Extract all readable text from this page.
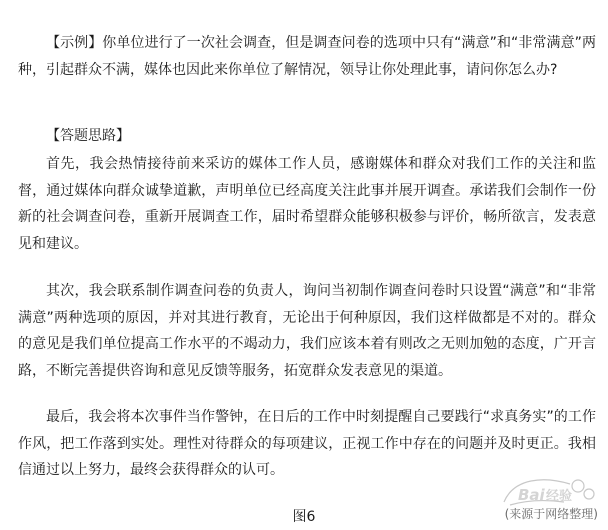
【示例】你单位进行了一次社会调查，但是调查问卷的选项中只有“满意”和“非常满意”两种，引起群众不满，媒体也因此来你单位了解情况，领导让你处理此事，请问你怎么办?

【答题思路】

首先，我会热情接待前来采访的媒体工作人员，感谢媒体和群众对我们工作的关注和监督，通过媒体向群众诚挚道歉，声明单位已经高度关注此事并展开调查。承诺我们会制作一份新的社会调查问卷，重新开展调查工作，届时希望群众能够积极参与评价，畅所欲言，发表意见和建议。

其次，我会联系制作调查问卷的负责人，询问当初制作调查问卷时只设置“满意”和“非常满意”两种选项的原因，并对其进行教育，无论出于何种原因，我们这样做都是不对的。群众的意见是我们单位提高工作水平的不竭动力，我们应该本着有则改之无则加勉的态度，广开言路，不断完善提供咨询和意见反馈等服务，拓宽群众发表意见的渠道。

最后，我会将本次事件当作警钟，在日后的工作中时刻提醒自己要践行“求真务实”的工作作风，把工作落到实处。理性对待群众的每项建议，正视工作中存在的问题并及时更正。我相信通过以上努力，最终会获得群众的认可。

图6
Bai 经验
(来源于网络整理)
